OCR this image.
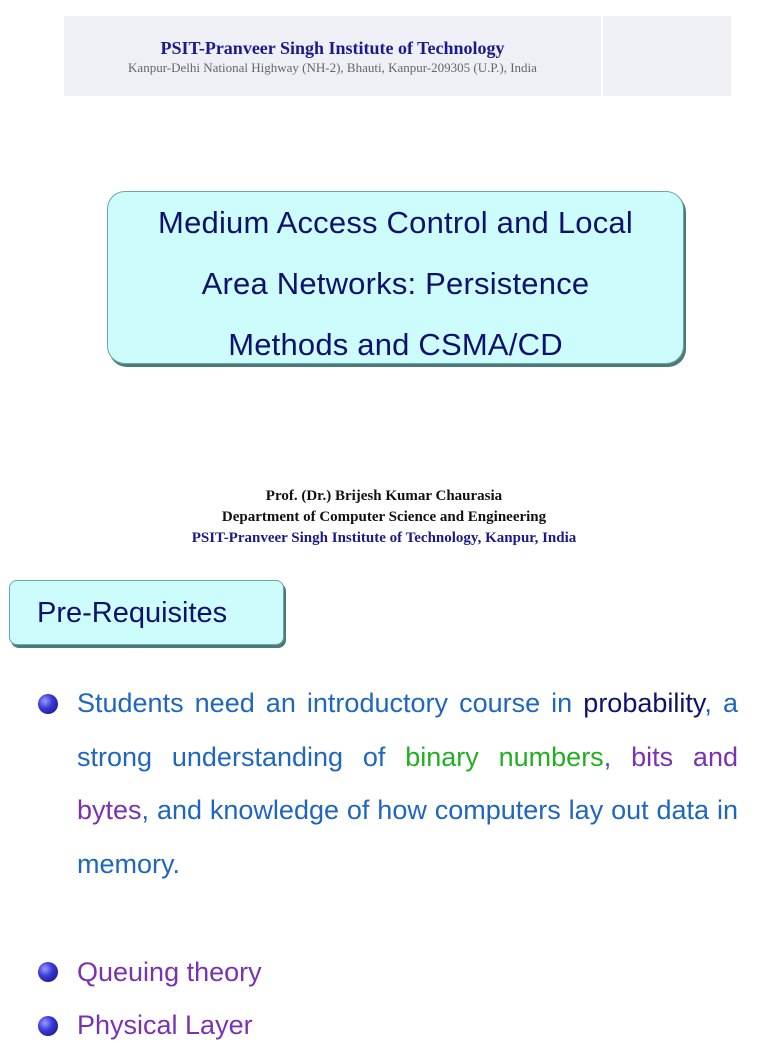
PSIT-Pranveer Singh Institute of Technology
Kanpur-Delhi National Highway (NH-2), Bhauti, Kanpur-209305 (U.P.), India
Medium Access Control and Local
Area Networks: Persistence
Methods and CSMA/CD
Prof. (Dr.) Brijesh Kumar Chaurasia
Department of Computer Science and Engineering
PSIT-Pranveer Singh Institute of Technology, Kanpur, India
Pre-Requisites
Students need an introductory course in probability, a strong understanding of binary numbers, bits and bytes, and knowledge of how computers lay out data in memory.
Queuing theory
Physical Layer
